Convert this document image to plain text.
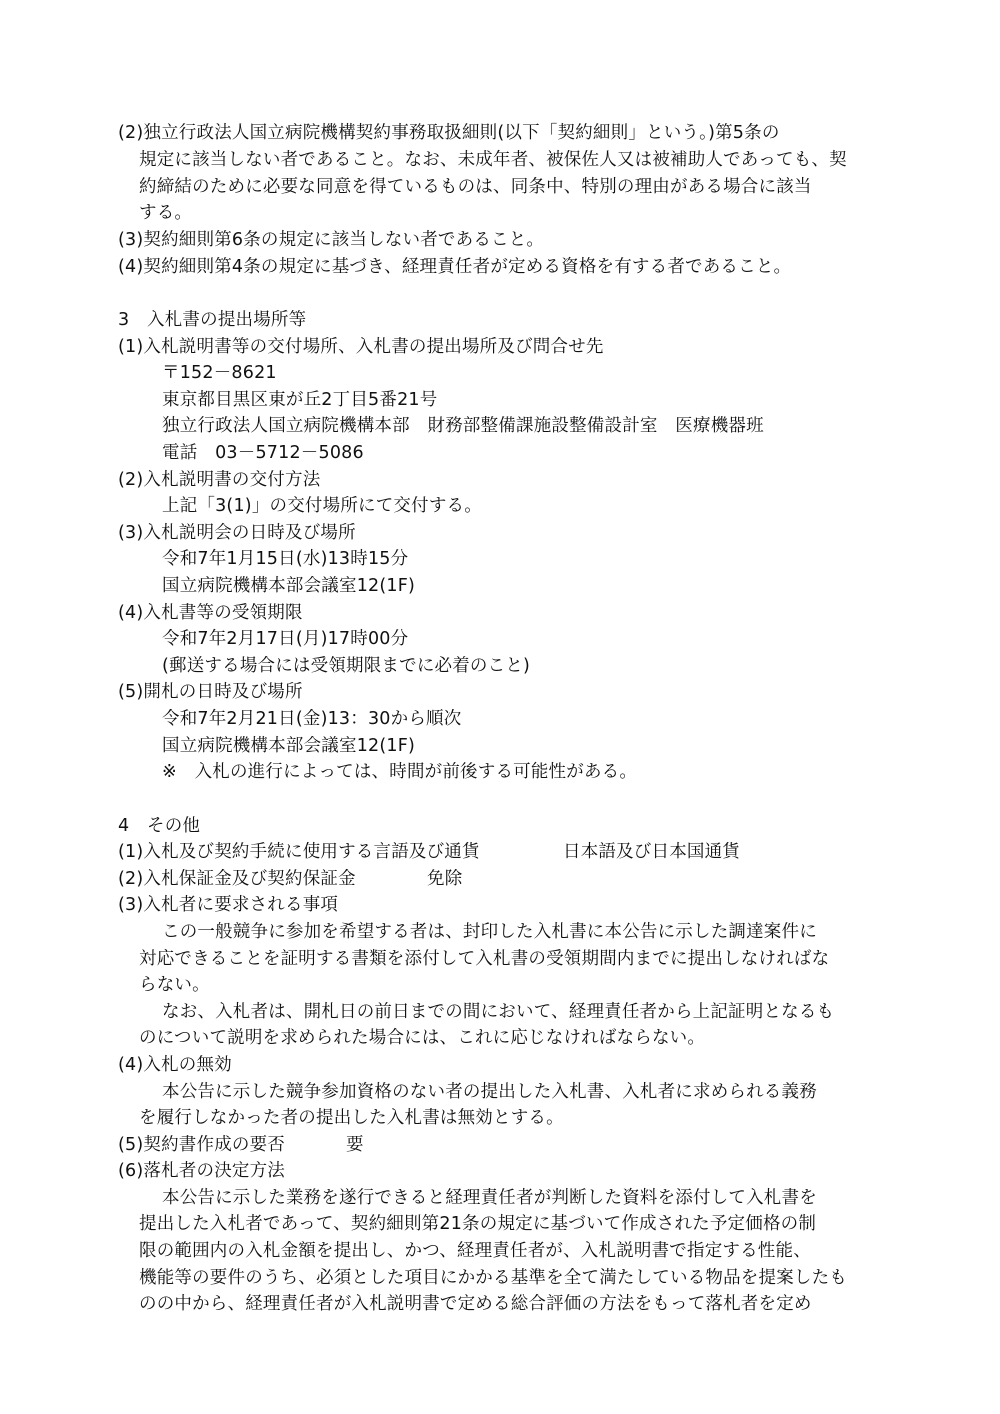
(2)独立行政法人国立病院機構契約事務取扱細則(以下「契約細則」という。)第5条の
規定に該当しない者であること。なお、未成年者、被保佐人又は被補助人であっても、契
約締結のために必要な同意を得ているものは、同条中、特別の理由がある場合に該当
する。
(3)契約細則第6条の規定に該当しない者であること。
(4)契約細則第4条の規定に基づき、経理責任者が定める資格を有する者であること。
3　入札書の提出場所等
(1)入札説明書等の交付場所、入札書の提出場所及び問合せ先
〒152－8621
東京都目黒区東が丘2丁目5番21号
独立行政法人国立病院機構本部　財務部整備課施設整備設計室　医療機器班
電話　03－5712－5086
(2)入札説明書の交付方法
上記「3(1)」の交付場所にて交付する。
(3)入札説明会の日時及び場所
令和7年1月15日(水)13時15分
国立病院機構本部会議室12(1F)
(4)入札書等の受領期限
令和7年2月17日(月)17時00分
(郵送する場合には受領期限までに必着のこと)
(5)開札の日時及び場所
令和7年2月21日(金)13：30から順次
国立病院機構本部会議室12(1F)
※　入札の進行によっては、時間が前後する可能性がある。
4　その他
(1)入札及び契約手続に使用する言語及び通貨	日本語及び日本国通貨
(2)入札保証金及び契約保証金	免除
(3)入札者に要求される事項
この一般競争に参加を希望する者は、封印した入札書に本公告に示した調達案件に
対応できることを証明する書類を添付して入札書の受領期間内までに提出しなければな
らない。
なお、入札者は、開札日の前日までの間において、経理責任者から上記証明となるも
のについて説明を求められた場合には、これに応じなければならない。
(4)入札の無効
本公告に示した競争参加資格のない者の提出した入札書、入札者に求められる義務
を履行しなかった者の提出した入札書は無効とする。
(5)契約書作成の要否	要
(6)落札者の決定方法
本公告に示した業務を遂行できると経理責任者が判断した資料を添付して入札書を
提出した入札者であって、契約細則第21条の規定に基づいて作成された予定価格の制
限の範囲内の入札金額を提出し、かつ、経理責任者が、入札説明書で指定する性能、
機能等の要件のうち、必須とした項目にかかる基準を全て満たしている物品を提案したも
のの中から、経理責任者が入札説明書で定める総合評価の方法をもって落札者を定め
